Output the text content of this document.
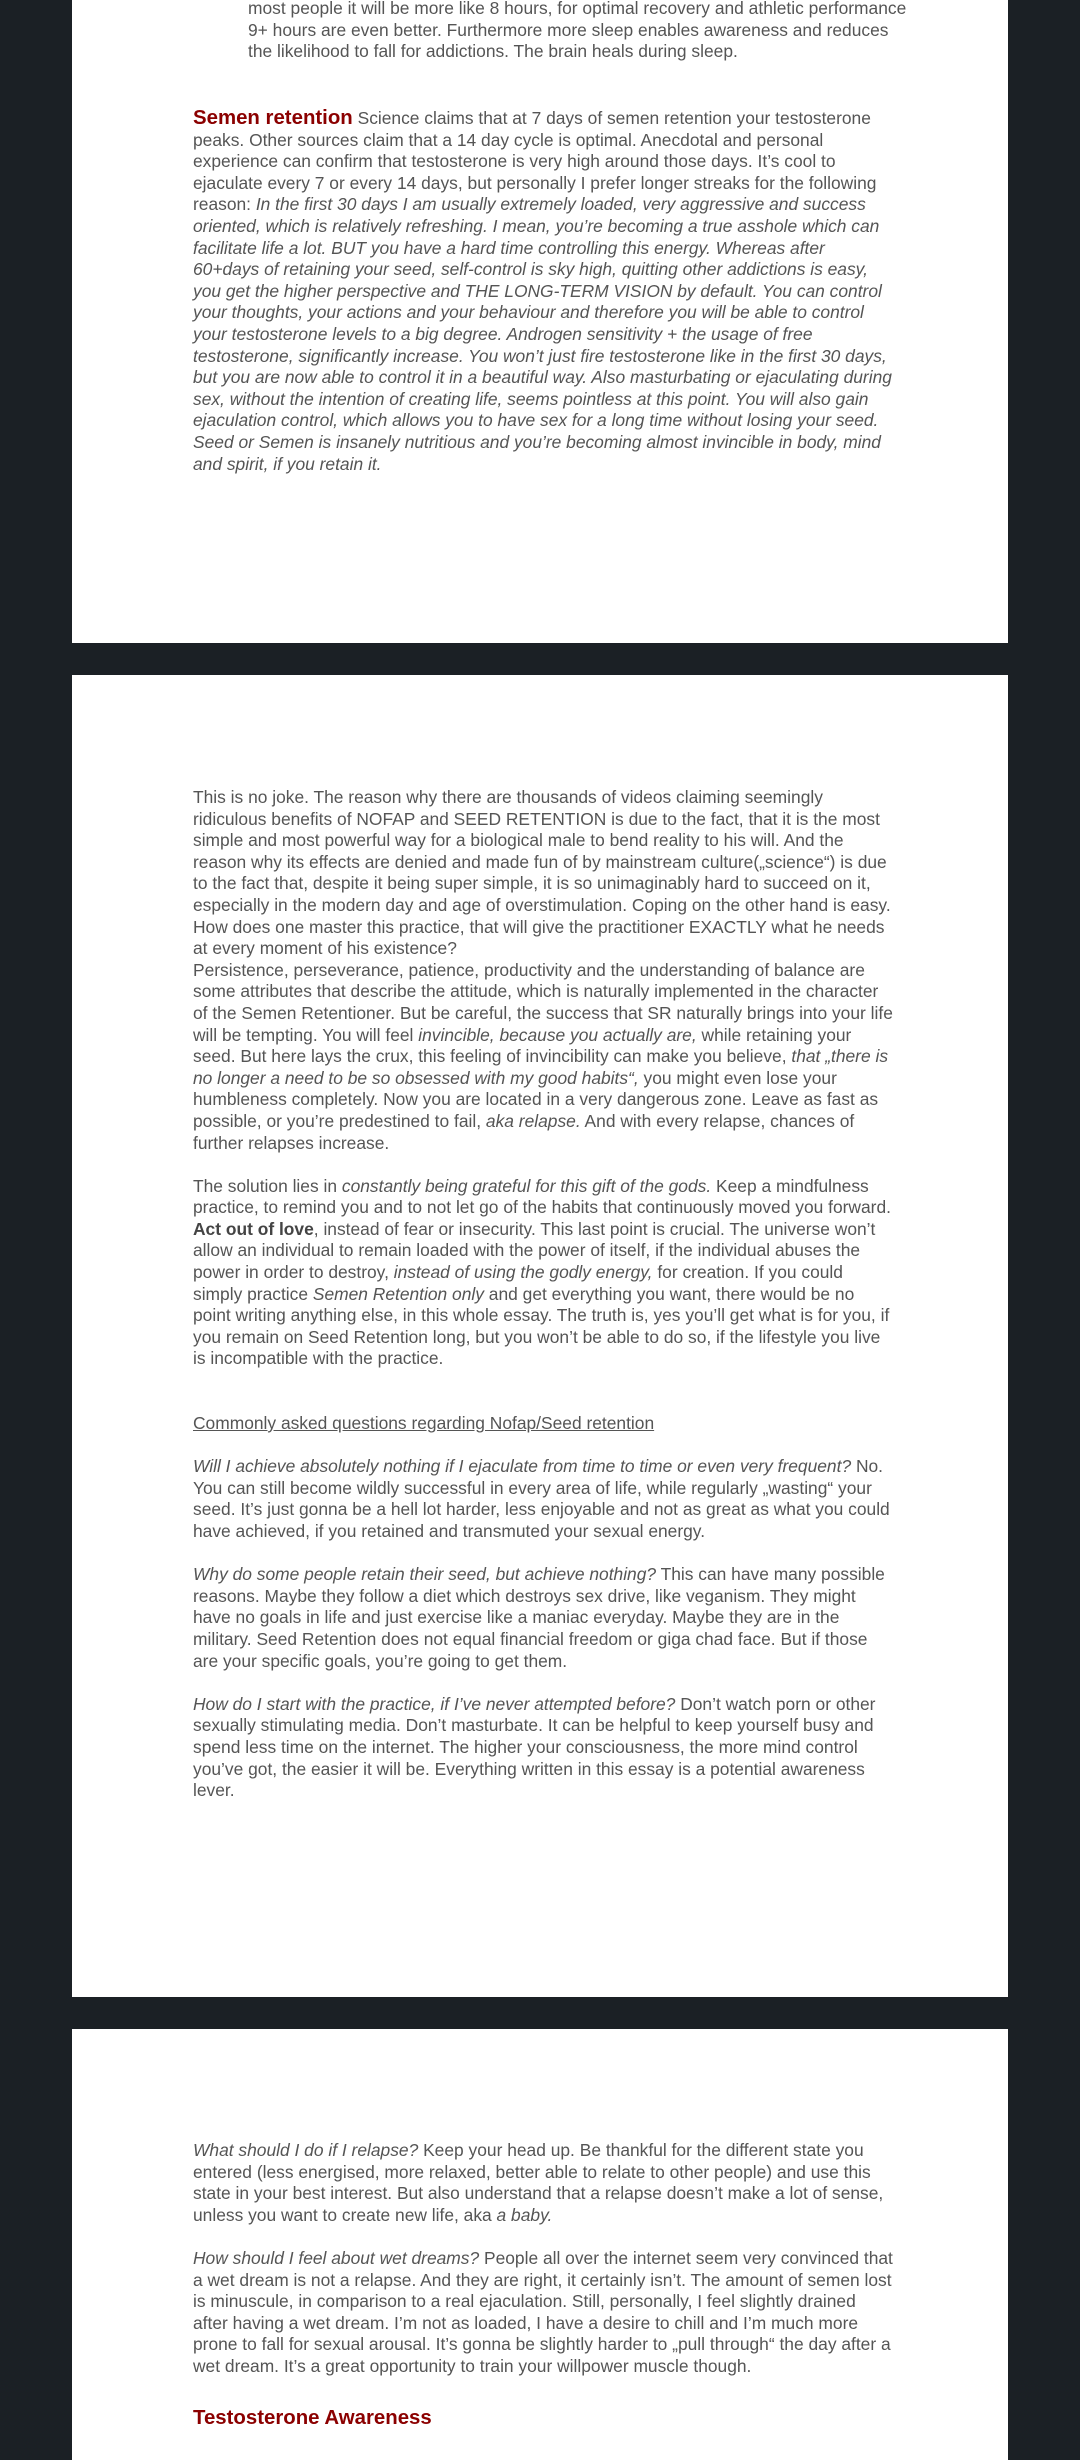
most people it will be more like 8 hours, for optimal recovery and athletic performance 9+ hours are even better. Furthermore more sleep enables awareness and reduces the likelihood to fall for addictions. The brain heals during sleep.

Semen retention Science claims that at 7 days of semen retention your testosterone peaks. Other sources claim that a 14 day cycle is optimal. Anecdotal and personal experience can confirm that testosterone is very high around those days. It’s cool to ejaculate every 7 or every 14 days, but personally I prefer longer streaks for the following reason: In the first 30 days I am usually extremely loaded, very aggressive and success oriented, which is relatively refreshing. I mean, you’re becoming a true asshole which can facilitate life a lot. BUT you have a hard time controlling this energy. Whereas after 60+days of retaining your seed, self-control is sky high, quitting other addictions is easy, you get the higher perspective and THE LONG-TERM VISION by default. You can control your thoughts, your actions and your behaviour and therefore you will be able to control your testosterone levels to a big degree. Androgen sensitivity + the usage of free testosterone, significantly increase. You won’t just fire testosterone like in the first 30 days, but you are now able to control it in a beautiful way. Also masturbating or ejaculating during sex, without the intention of creating life, seems pointless at this point. You will also gain ejaculation control, which allows you to have sex for a long time without losing your seed. Seed or Semen is insanely nutritious and you’re becoming almost invincible in body, mind and spirit, if you retain it.

This is no joke. The reason why there are thousands of videos claiming seemingly ridiculous benefits of NOFAP and SEED RETENTION is due to the fact, that it is the most simple and most powerful way for a biological male to bend reality to his will. And the reason why its effects are denied and made fun of by mainstream culture(„science“) is due to the fact that, despite it being super simple, it is so unimaginably hard to succeed on it, especially in the modern day and age of overstimulation. Coping on the other hand is easy. How does one master this practice, that will give the practitioner EXACTLY what he needs at every moment of his existence?

Persistence, perseverance, patience, productivity and the understanding of balance are some attributes that describe the attitude, which is naturally implemented in the character of the Semen Retentioner. But be careful, the success that SR naturally brings into your life will be tempting. You will feel invincible, because you actually are, while retaining your seed. But here lays the crux, this feeling of invincibility can make you believe, that „there is no longer a need to be so obsessed with my good habits“, you might even lose your humbleness completely. Now you are located in a very dangerous zone. Leave as fast as possible, or you’re predestined to fail, aka relapse. And with every relapse, chances of further relapses increase.

The solution lies in constantly being grateful for this gift of the gods. Keep a mindfulness practice, to remind you and to not let go of the habits that continuously moved you forward. Act out of love, instead of fear or insecurity. This last point is crucial. The universe won’t allow an individual to remain loaded with the power of itself, if the individual abuses the power in order to destroy, instead of using the godly energy, for creation. If you could simply practice Semen Retention only and get everything you want, there would be no point writing anything else, in this whole essay. The truth is, yes you’ll get what is for you, if you remain on Seed Retention long, but you won’t be able to do so, if the lifestyle you live is incompatible with the practice.

Commonly asked questions regarding Nofap/Seed retention

Will I achieve absolutely nothing if I ejaculate from time to time or even very frequent? No. You can still become wildly successful in every area of life, while regularly „wasting“ your seed. It’s just gonna be a hell lot harder, less enjoyable and not as great as what you could have achieved, if you retained and transmuted your sexual energy.

Why do some people retain their seed, but achieve nothing? This can have many possible reasons. Maybe they follow a diet which destroys sex drive, like veganism. They might have no goals in life and just exercise like a maniac everyday. Maybe they are in the military. Seed Retention does not equal financial freedom or giga chad face. But if those are your specific goals, you’re going to get them.

How do I start with the practice, if I’ve never attempted before? Don’t watch porn or other sexually stimulating media. Don’t masturbate. It can be helpful to keep yourself busy and spend less time on the internet. The higher your consciousness, the more mind control you’ve got, the easier it will be. Everything written in this essay is a potential awareness lever.

What should I do if I relapse? Keep your head up. Be thankful for the different state you entered (less energised, more relaxed, better able to relate to other people) and use this state in your best interest. But also understand that a relapse doesn’t make a lot of sense, unless you want to create new life, aka a baby.

How should I feel about wet dreams? People all over the internet seem very convinced that a wet dream is not a relapse. And they are right, it certainly isn’t. The amount of semen lost is minuscule, in comparison to a real ejaculation. Still, personally, I feel slightly drained after having a wet dream. I’m not as loaded, I have a desire to chill and I’m much more prone to fall for sexual arousal. It’s gonna be slightly harder to „pull through“ the day after a wet dream. It’s a great opportunity to train your willpower muscle though.

Testosterone Awareness
